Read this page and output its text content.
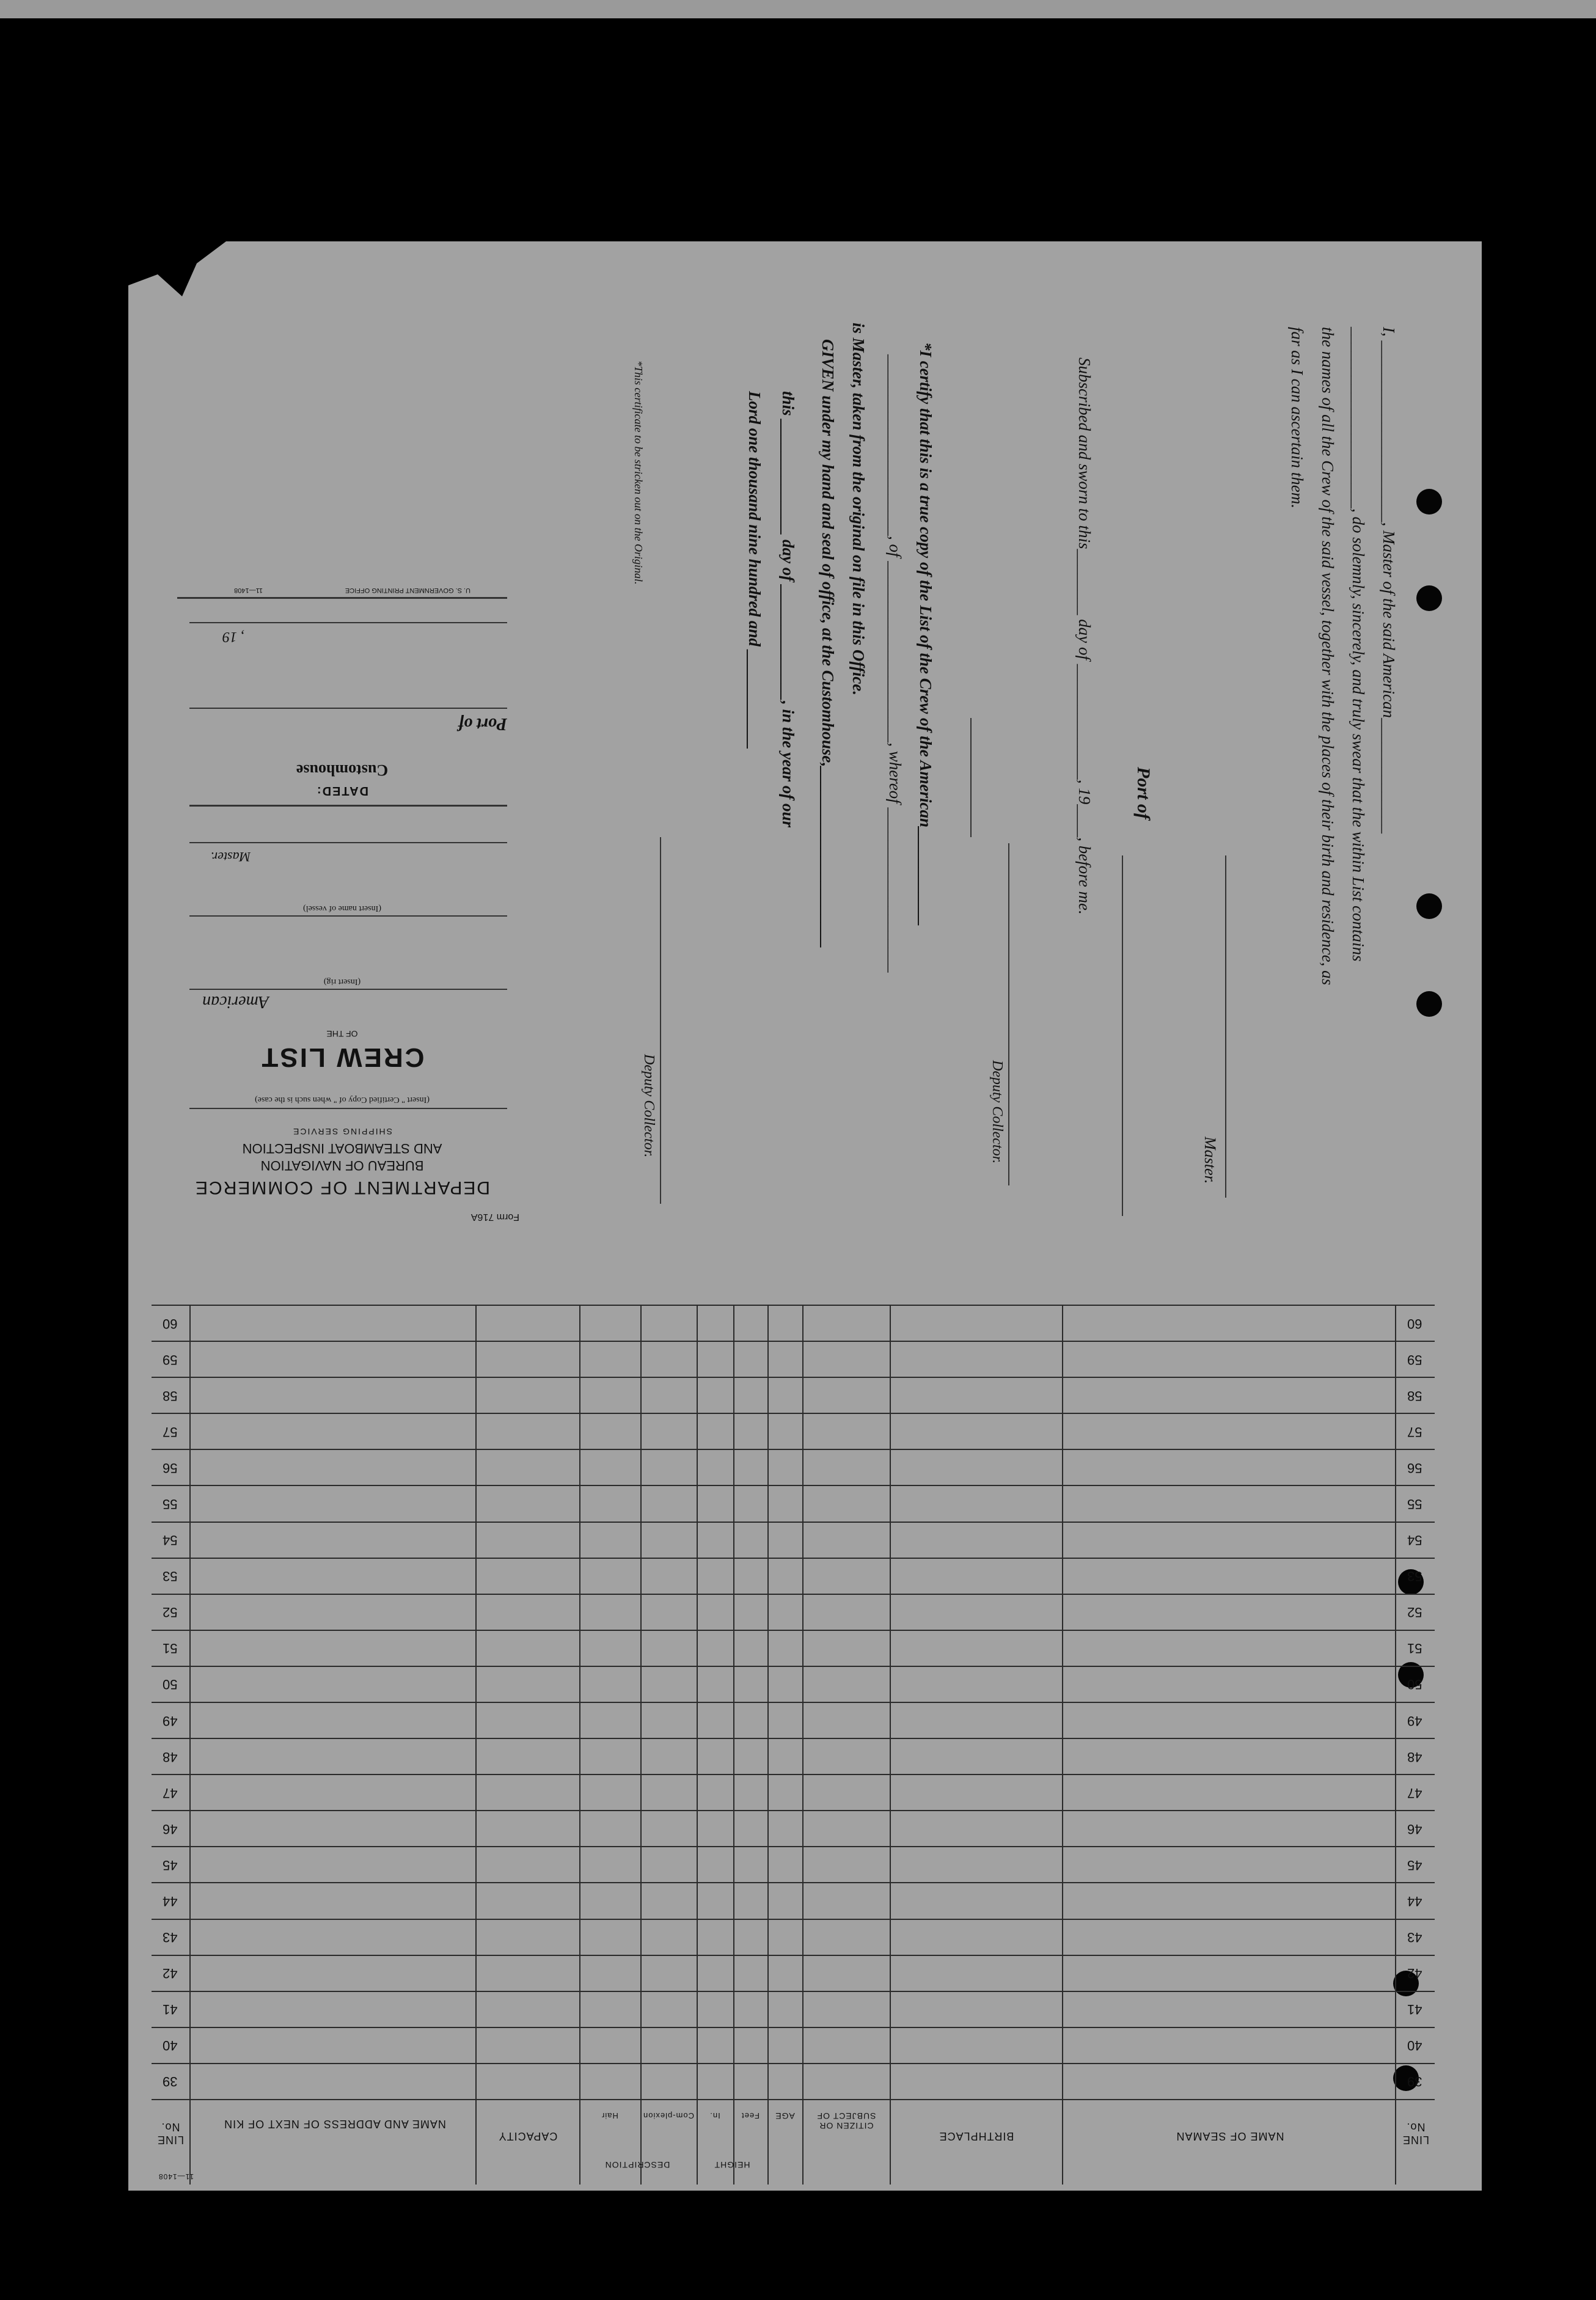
I, ______________________, Master of the said American______________
______________________, do solemnly, sincerely, and truly swear that the within List contains
the names of all the Crew of the said vessel, together with the places of their birth and residence, as
far as I can ascertain them.
Master.
Port of
Subscribed and sworn to this________ day of ______________, 19____, before me.
Deputy Collector.
*I certify that this is a true copy of the List of the Crew of the American____________
______________________, of ______________________, whereof ____________________
is Master, taken from the original on file in this Office.
GIVEN under my hand and seal of office, at the Customhouse,______________________
this ______________ day of ______________, in the year of our
Lord one thousand nine hundred and ____________
Deputy Collector.
*This certificate to be stricken out on the Original.
Form 716A
DEPARTMENT OF COMMERCE
BUREAU OF NAVIGATION
AND STEAMBOAT INSPECTION
SHIPPING SERVICE
(Insert " Certified Copy of " when such is the case)
CREW LIST
OF THE
American
(Insert rig)
(Insert name of vessel)
Master.
DATED:
Customhouse
Port of
, 19
U. S. GOVERNMENT PRINTING OFFICE
11—1408
60
60
59
59
58
58
57
57
56
56
55
55
54
54
53
53
52
52
51
51
50
50
49
49
48
48
47
47
46
46
45
45
44
44
43
43
42
42
41
41
40
40
39
39
LINE No.
NAME OF SEAMAN
BIRTHPLACE
CITIZEN OR SUBJECT OF
AGE
HEIGHT
Feet
In.
DESCRIPTION
Com-plexion
Hair
CAPACITY
NAME AND ADDRESS OF NEXT OF KIN
LINE No.
11—1408
